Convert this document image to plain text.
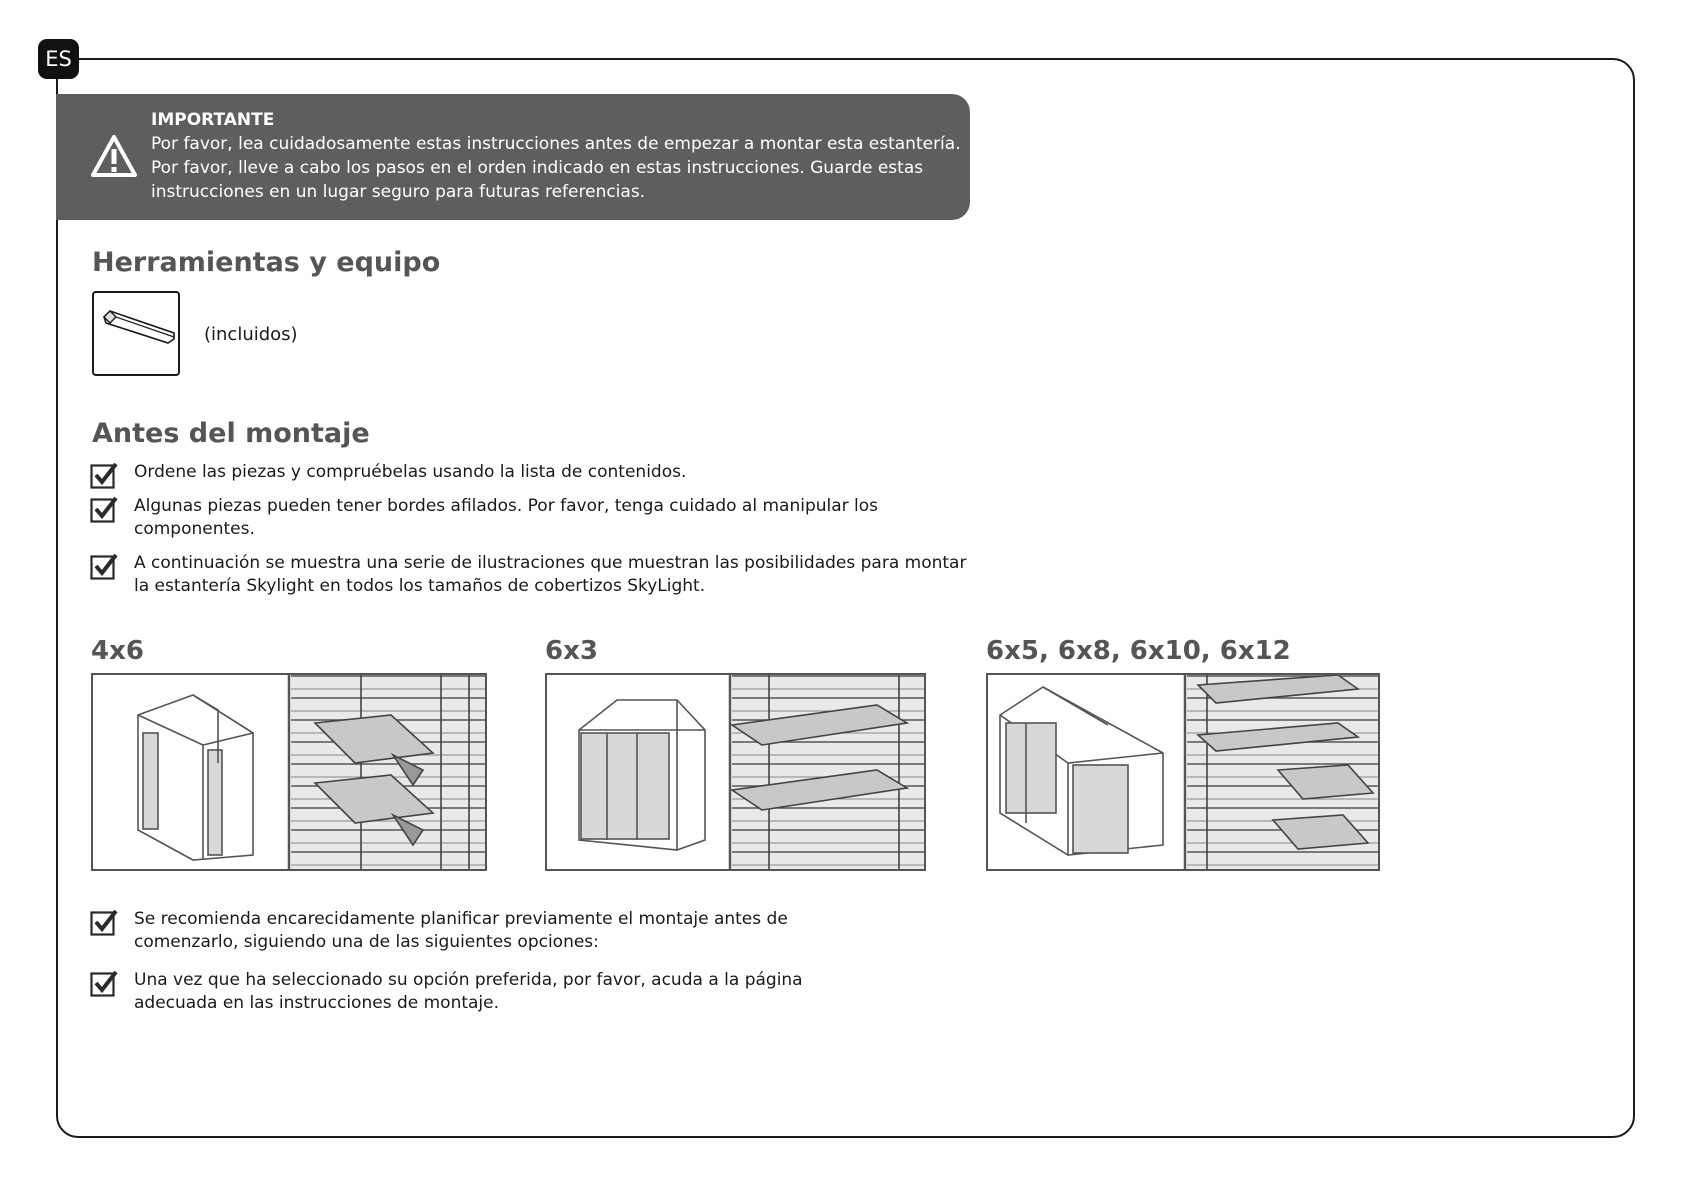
ES
IMPORTANTE
Por favor, lea cuidadosamente estas instrucciones antes de empezar a montar esta estantería.
Por favor, lleve a cabo los pasos en el orden indicado en estas instrucciones. Guarde estas
instrucciones en un lugar seguro para futuras referencias.
Herramientas y equipo
(incluidos)
Antes del montaje
Ordene las piezas y compruébelas usando la lista de contenidos.
Algunas piezas pueden tener bordes afilados. Por favor, tenga cuidado al manipular los
componentes.
A continuación se muestra una serie de ilustraciones que muestran las posibilidades para montar
la estantería Skylight en todos los tamaños de cobertizos SkyLight.
4x6	6x3	6x5, 6x8, 6x10, 6x12
Se recomienda encarecidamente planificar previamente el montaje antes de
comenzarlo, siguiendo una de las siguientes opciones:
Una vez que ha seleccionado su opción preferida, por favor, acuda a la página
adecuada en las instrucciones de montaje.
